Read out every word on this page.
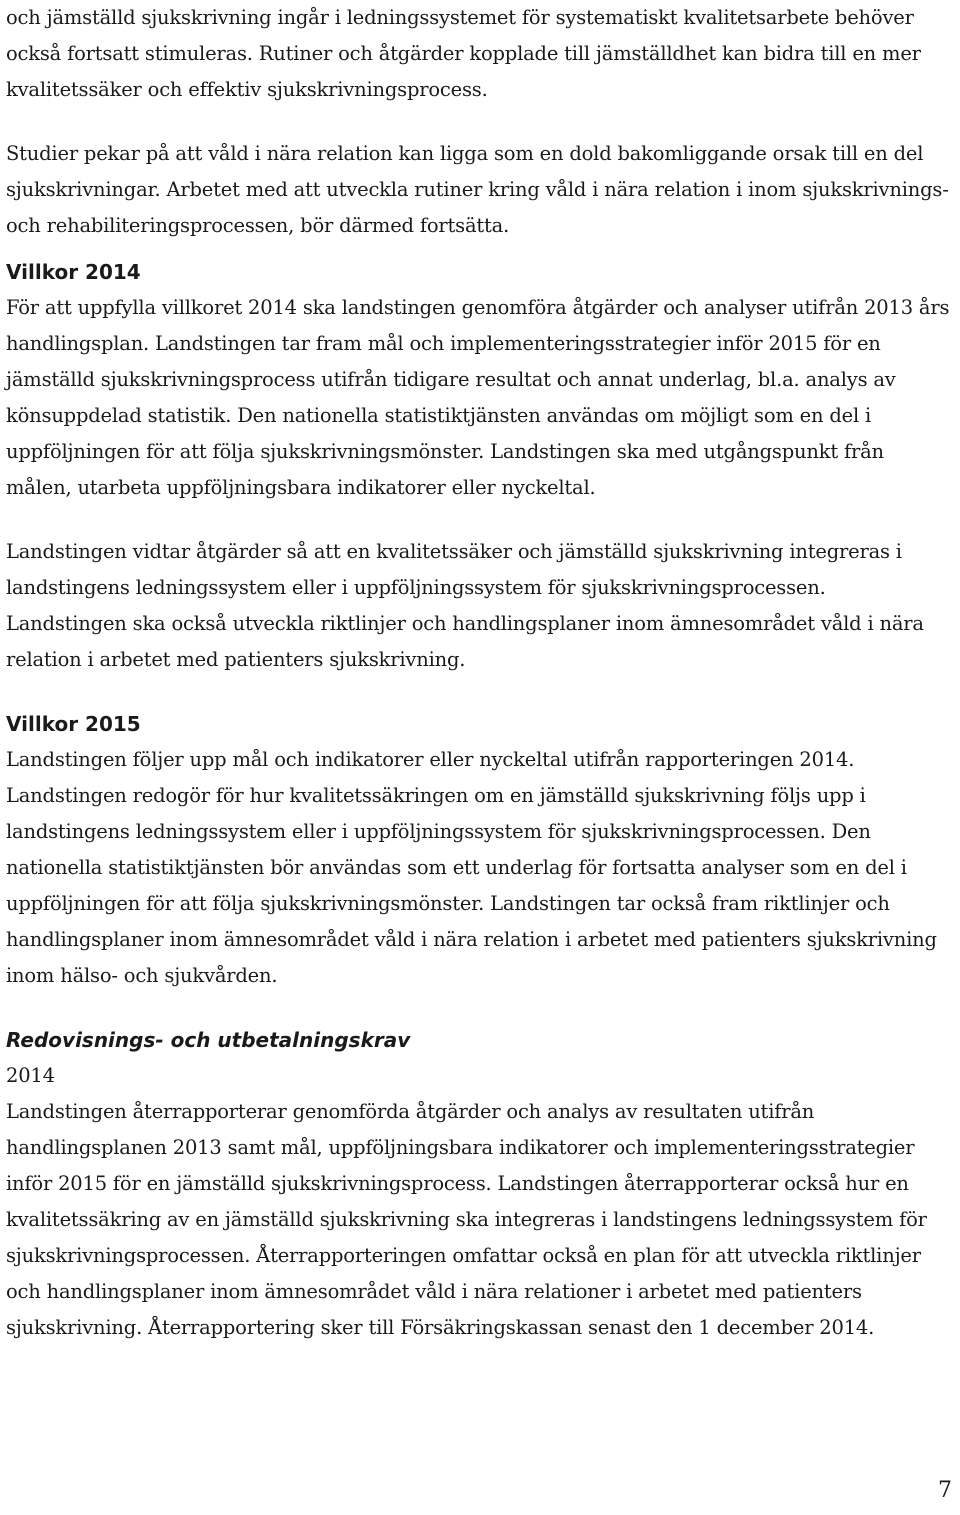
och jämställd sjukskrivning ingår i ledningssystemet för systematiskt kvalitetsarbete behöver också fortsatt stimuleras. Rutiner och åtgärder kopplade till jämställdhet kan bidra till en mer kvalitetssäker och effektiv sjukskrivningsprocess.

Studier pekar på att våld i nära relation kan ligga som en dold bakomliggande orsak till en del sjukskrivningar. Arbetet med att utveckla rutiner kring våld i nära relation i inom sjukskrivnings- och rehabiliteringsprocessen, bör därmed fortsätta.

Villkor 2014

För att uppfylla villkoret 2014 ska landstingen genomföra åtgärder och analyser utifrån 2013 års handlingsplan. Landstingen tar fram mål och implementeringsstrategier inför 2015 för en jämställd sjukskrivningsprocess utifrån tidigare resultat och annat underlag, bl.a. analys av könsuppdelad statistik. Den nationella statistiktjänsten användas om möjligt som en del i uppföljningen för att följa sjukskrivningsmönster. Landstingen ska med utgångspunkt från målen, utarbeta uppföljningsbara indikatorer eller nyckeltal.

Landstingen vidtar åtgärder så att en kvalitetssäker och jämställd sjukskrivning integreras i landstingens ledningssystem eller i uppföljningssystem för sjukskrivningsprocessen. Landstingen ska också utveckla riktlinjer och handlingsplaner inom ämnesområdet våld i nära relation i arbetet med patienters sjukskrivning.

Villkor 2015

Landstingen följer upp mål och indikatorer eller nyckeltal utifrån rapporteringen 2014. Landstingen redogör för hur kvalitetssäkringen om en jämställd sjukskrivning följs upp i landstingens ledningssystem eller i uppföljningssystem för sjukskrivningsprocessen. Den nationella statistiktjänsten bör användas som ett underlag för fortsatta analyser som en del i uppföljningen för att följa sjukskrivningsmönster. Landstingen tar också fram riktlinjer och handlingsplaner inom ämnesområdet våld i nära relation i arbetet med patienters sjukskrivning inom hälso- och sjukvården.

Redovisnings- och utbetalningskrav

2014

Landstingen återrapporterar genomförda åtgärder och analys av resultaten utifrån handlingsplanen 2013 samt mål, uppföljningsbara indikatorer och implementeringsstrategier inför 2015 för en jämställd sjukskrivningsprocess. Landstingen återrapporterar också hur en kvalitetssäkring av en jämställd sjukskrivning ska integreras i landstingens ledningssystem för sjukskrivningsprocessen. Återrapporteringen omfattar också en plan för att utveckla riktlinjer och handlingsplaner inom ämnesområdet våld i nära relationer i arbetet med patienters sjukskrivning. Återrapportering sker till Försäkringskassan senast den 1 december 2014.

7
